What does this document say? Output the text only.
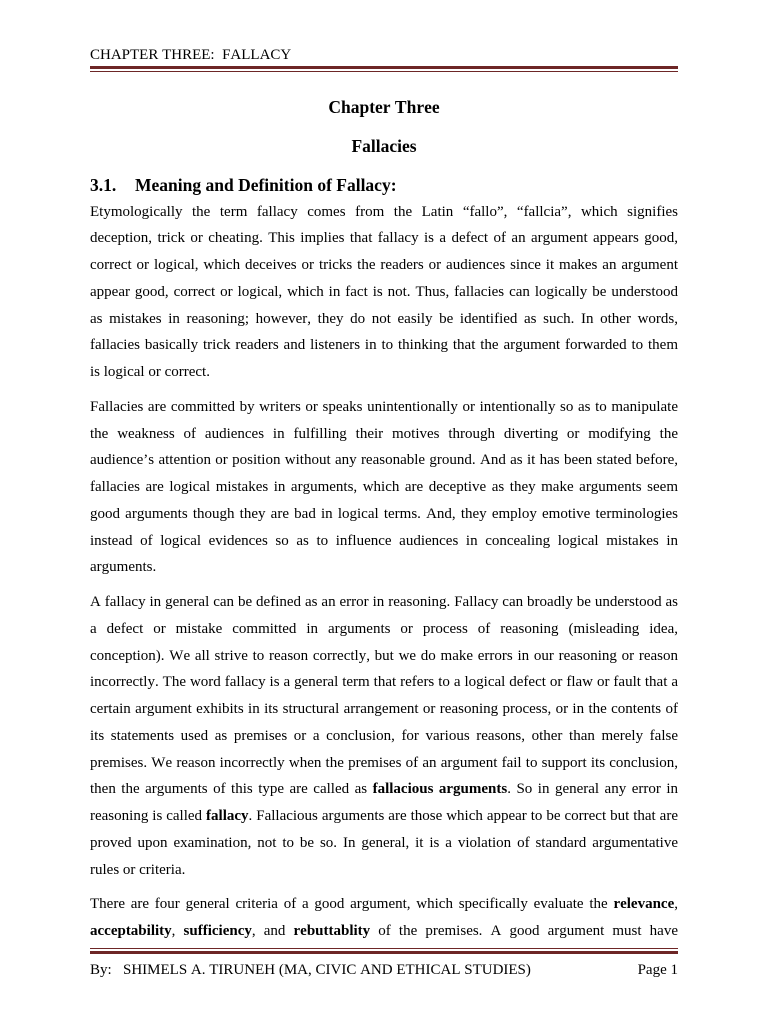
CHAPTER THREE:  FALLACY
Chapter Three
Fallacies
3.1. Meaning and Definition of Fallacy:
Etymologically the term fallacy comes from the Latin “fallo”, “fallcia”, which signifies
deception, trick or cheating. This implies that fallacy is a defect of an argument appears good,
correct or logical, which deceives or tricks the readers or audiences since it makes an argument
appear good, correct or logical, which in fact is not. Thus, fallacies can logically be understood
as mistakes in reasoning; however, they do not easily be identified as such. In other words,
fallacies basically trick readers and listeners in to thinking that the argument forwarded to them
is logical or correct.
Fallacies are committed by writers or speaks unintentionally or intentionally so as to manipulate
the weakness of audiences in fulfilling their motives through diverting or modifying the
audience’s attention or position without any reasonable ground. And as it has been stated before,
fallacies are logical mistakes in arguments, which are deceptive as they make arguments seem
good arguments though they are bad in logical terms. And, they employ emotive terminologies
instead of logical evidences so as to influence audiences in concealing logical mistakes in
arguments.
A fallacy in general can be defined as an error in reasoning. Fallacy can broadly be understood as
a defect or mistake committed in arguments or process of reasoning (misleading idea,
conception). We all strive to reason correctly, but we do make errors in our reasoning or reason
incorrectly. The word fallacy is a general term that refers to a logical defect or flaw or fault that a
certain argument exhibits in its structural arrangement or reasoning process, or in the contents of
its statements used as premises or a conclusion, for various reasons, other than merely false
premises. We reason incorrectly when the premises of an argument fail to support its conclusion,
then the arguments of this type are called as fallacious arguments. So in general any error in
reasoning is called fallacy. Fallacious arguments are those which appear to be correct but that are
proved upon examination, not to be so. In general, it is a violation of standard argumentative
rules or criteria.
There are four general criteria of a good argument, which specifically evaluate the relevance,
acceptability, sufficiency, and rebuttablity of the premises. A good argument must have
By: SHIMELS A. TIRUNEH (MA, CIVIC AND ETHICAL STUDIES)	Page 1
